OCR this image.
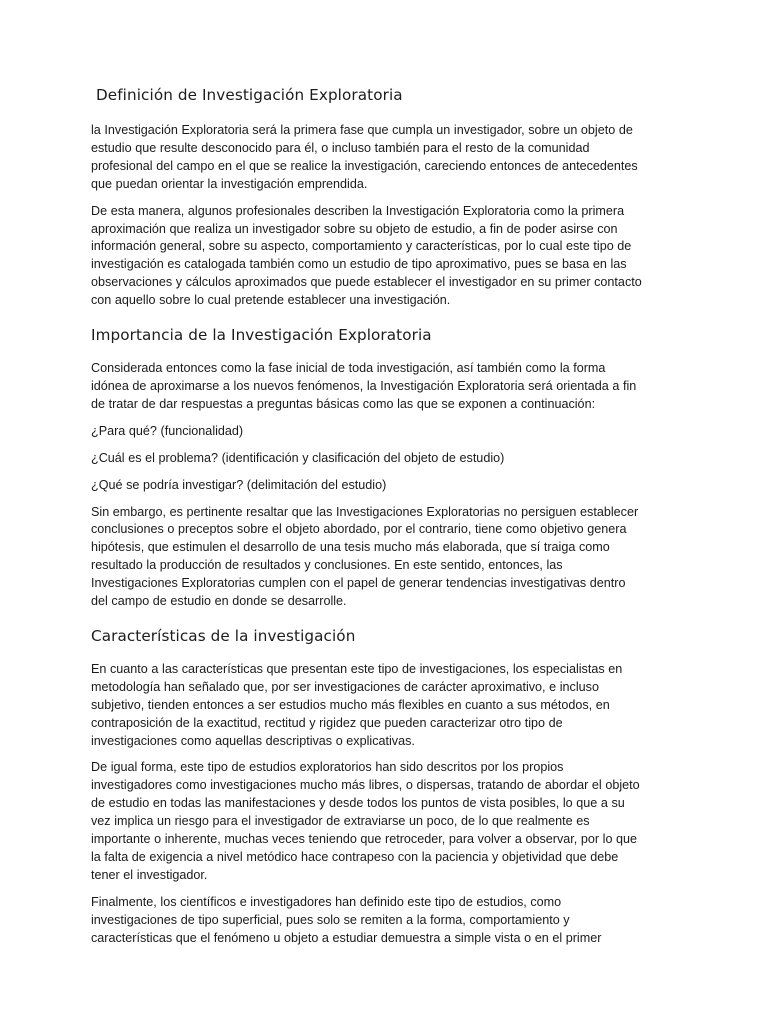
Definición de Investigación Exploratoria

la Investigación Exploratoria será la primera fase que cumpla un investigador, sobre un objeto de estudio que resulte desconocido para él, o incluso también para el resto de la comunidad profesional del campo en el que se realice la investigación, careciendo entonces de antecedentes que puedan orientar la investigación emprendida.

De esta manera, algunos profesionales describen la Investigación Exploratoria como la primera aproximación que realiza un investigador sobre su objeto de estudio, a fin de poder asirse con información general, sobre su aspecto, comportamiento y características, por lo cual este tipo de investigación es catalogada también como un estudio de tipo aproximativo, pues se basa en las observaciones y cálculos aproximados que puede establecer el investigador en su primer contacto con aquello sobre lo cual pretende establecer una investigación.

Importancia de la Investigación Exploratoria

Considerada entonces como la fase inicial de toda investigación, así también como la forma idónea de aproximarse a los nuevos fenómenos, la Investigación Exploratoria será orientada a fin de tratar de dar respuestas a preguntas básicas como las que se exponen a continuación:

¿Para qué? (funcionalidad)

¿Cuál es el problema? (identificación y clasificación del objeto de estudio)

¿Qué se podría investigar? (delimitación del estudio)

Sin embargo, es pertinente resaltar que las Investigaciones Exploratorias no persiguen establecer conclusiones o preceptos sobre el objeto abordado, por el contrario, tiene como objetivo genera hipótesis, que estimulen el desarrollo de una tesis mucho más elaborada, que sí traiga como resultado la producción de resultados y conclusiones. En este sentido, entonces, las Investigaciones Exploratorias cumplen con el papel de generar tendencias investigativas dentro del campo de estudio en donde se desarrolle.

Características de la investigación

En cuanto a las características que presentan este tipo de investigaciones, los especialistas en metodología han señalado que, por ser investigaciones de carácter aproximativo, e incluso subjetivo, tienden entonces a ser estudios mucho más flexibles en cuanto a sus métodos, en contraposición de la exactitud, rectitud y rigidez que pueden caracterizar otro tipo de investigaciones como aquellas descriptivas o explicativas.

De igual forma, este tipo de estudios exploratorios han sido descritos por los propios investigadores como investigaciones mucho más libres, o dispersas, tratando de abordar el objeto de estudio en todas las manifestaciones y desde todos los puntos de vista posibles, lo que a su vez implica un riesgo para el investigador de extraviarse un poco, de lo que realmente es importante o inherente, muchas veces teniendo que retroceder, para volver a observar, por lo que la falta de exigencia a nivel metódico hace contrapeso con la paciencia y objetividad que debe tener el investigador.

Finalmente, los científicos e investigadores han definido este tipo de estudios, como investigaciones de tipo superficial, pues solo se remiten a la forma, comportamiento y características que el fenómeno u objeto a estudiar demuestra a simple vista o en el primer
